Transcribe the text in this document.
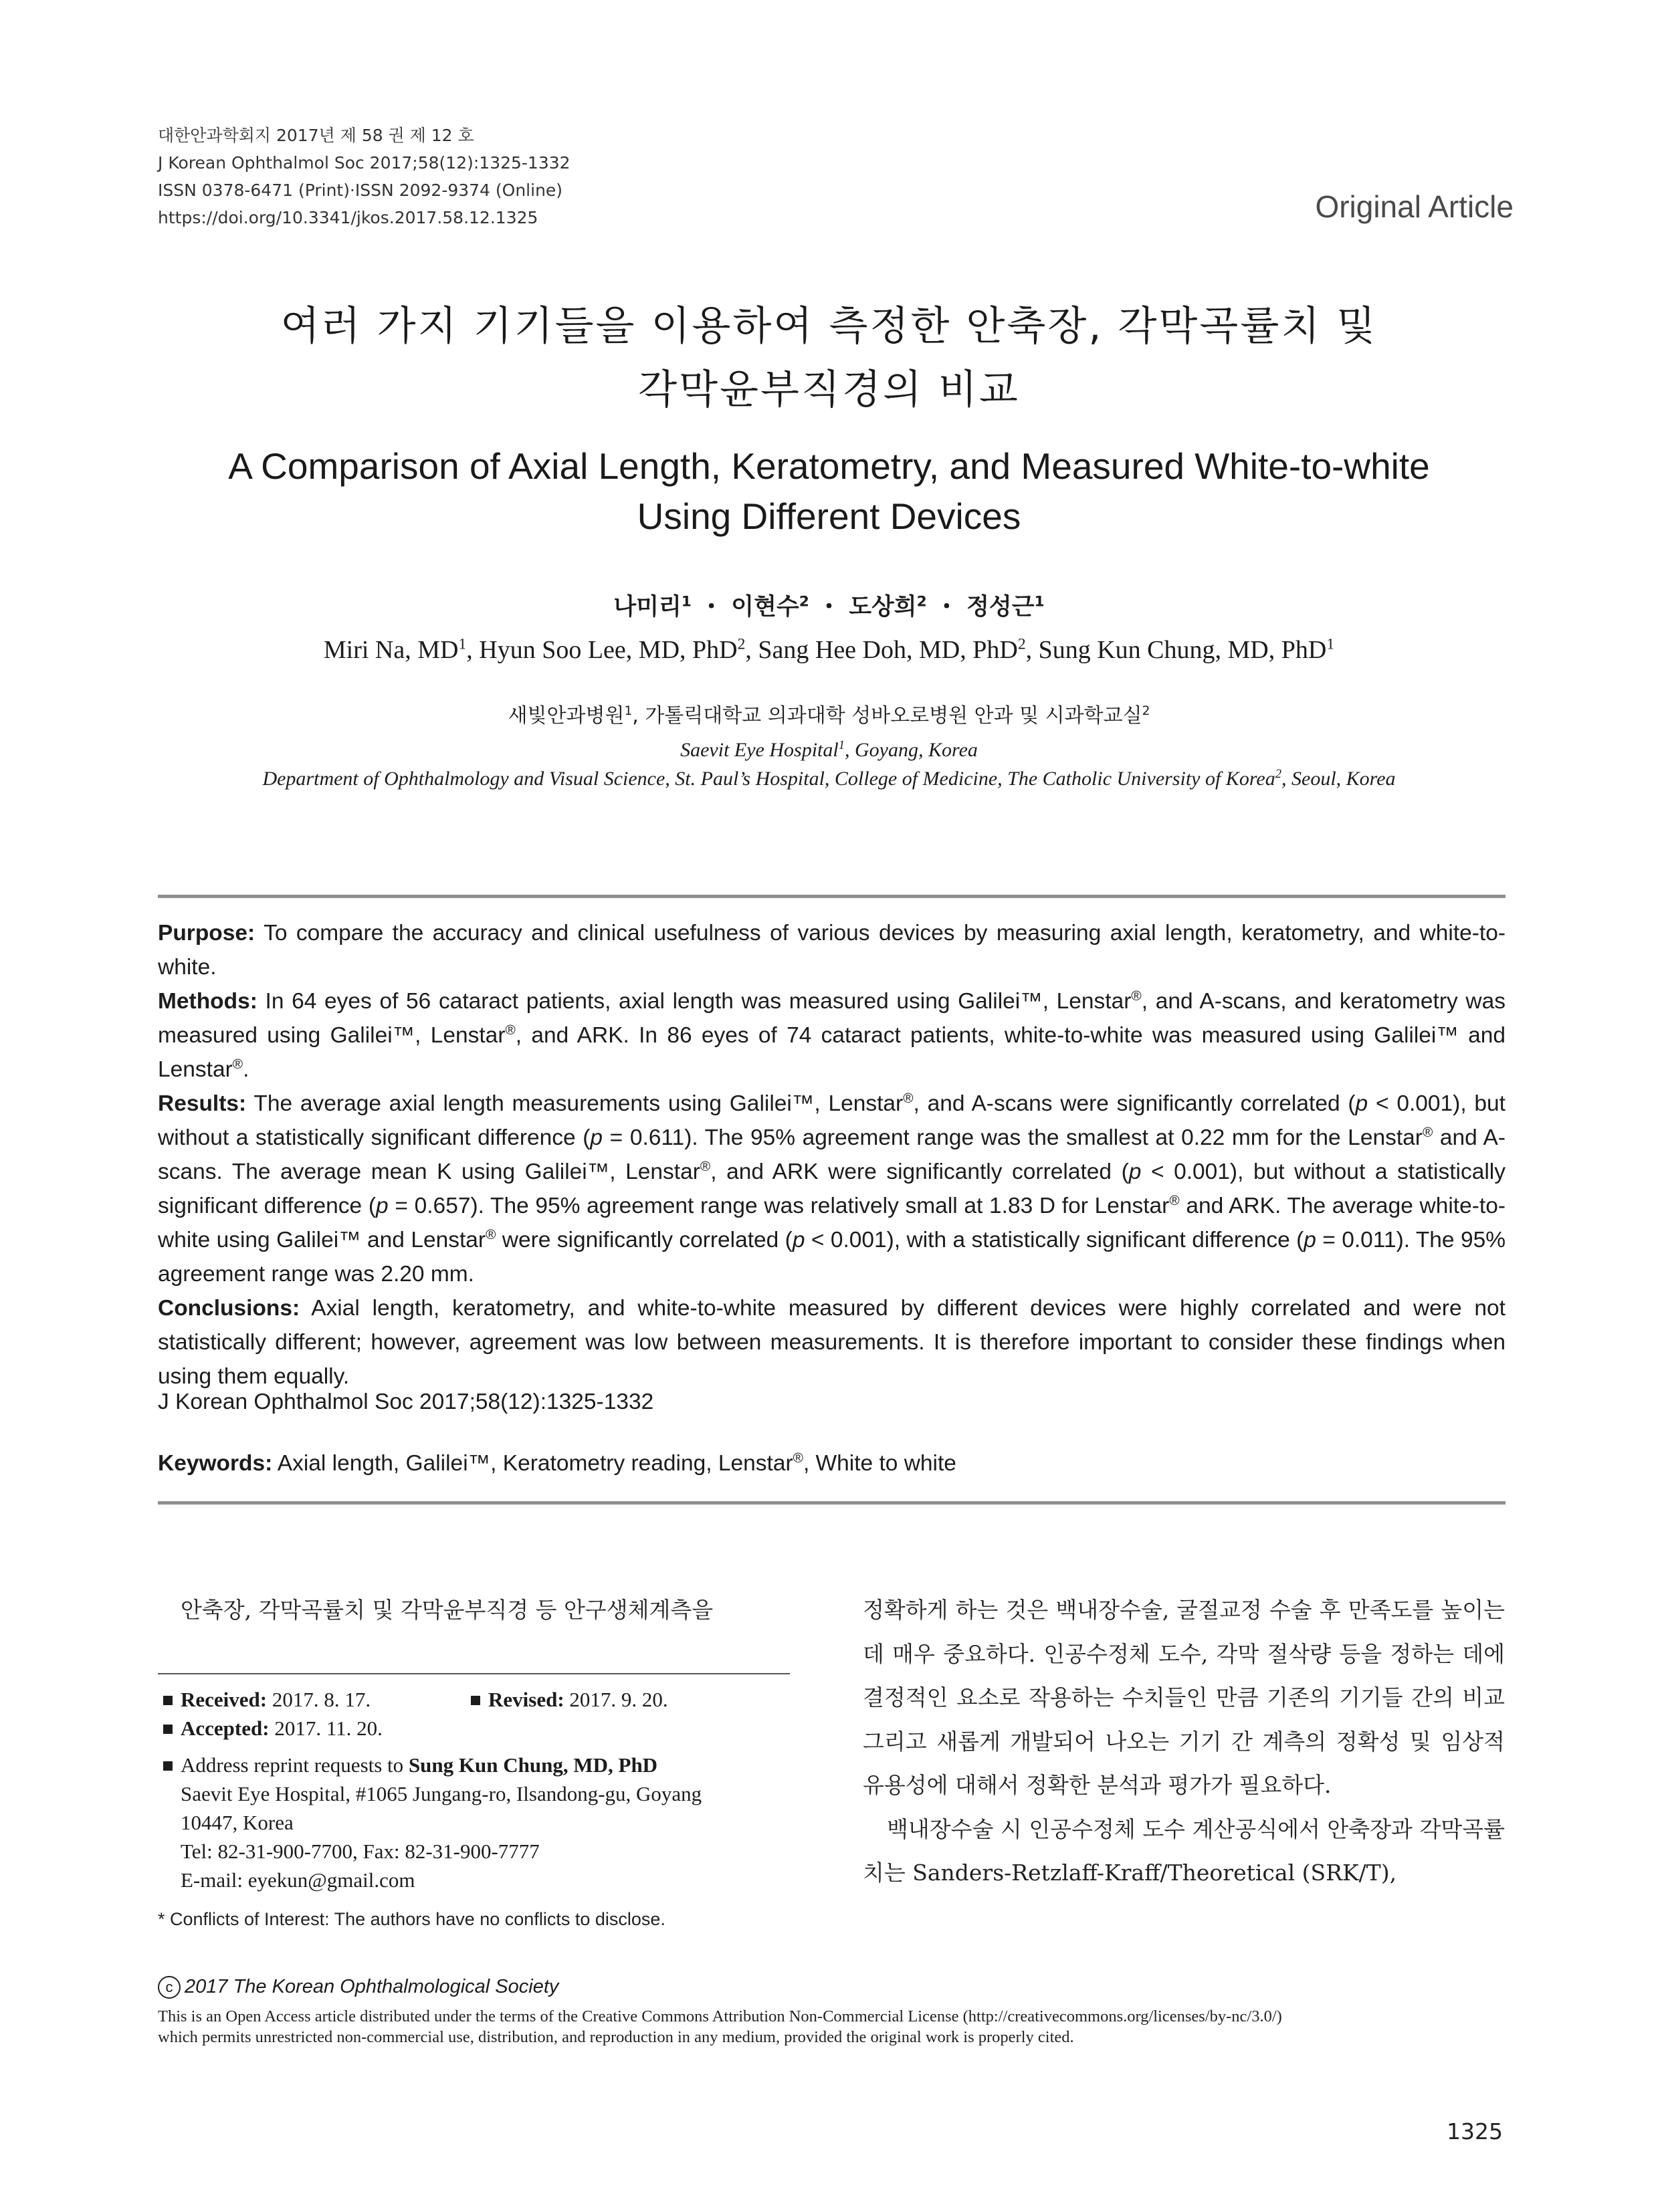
대한안과학회지 2017년 제 58 권 제 12 호
J Korean Ophthalmol Soc 2017;58(12):1325-1332
ISSN 0378-6471 (Print)⋅ISSN 2092-9374 (Online)
https://doi.org/10.3341/jkos.2017.58.12.1325	Original Article
여러 가지 기기들을 이용하여 측정한 안축장, 각막곡률치 및
각막윤부직경의 비교
A Comparison of Axial Length, Keratometry, and Measured White-to-white
Using Different Devices
나미리$^1$ ・ 이현수$^2$ ・ 도상희$^2$ ・ 정성근$^1$
Miri Na, $MD^1$, Hyun Soo Lee, MD, PhD$^2$, Sang Hee Doh, MD, PhD$^2$, Sung Kun Chung, MD, PhD$^1$
새빛안과병원$^1$, 가톨릭대학교 의과대학 성바오로병원 안과 및 시과학교실$^2$
Saevit Eye Hospital$^1$, Goyang, Korea
Department of Ophthalmology and Visual Science, St. Paul’s Hospital, College of Medicine, The Catholic University of Korea$^2$, Seoul, Korea

Purpose: To compare the accuracy and clinical usefulness of various devices by measuring axial length, keratometry, and white-to-white.

Methods: In 64 eyes of 56 cataract patients, axial length was measured using Galilei™, Lenstar®, and A-scans, and keratometry was measured using Galilei™, Lenstar®, and ARK. In 86 eyes of 74 cataract patients, white-to-white was measured using Galilei™ and Lenstar®.

Results: The average axial length measurements using Galilei™, Lenstar®, and A-scans were significantly correlated (p < 0.001), but without a statistically significant difference (p = 0.611). The 95% agreement range was the smallest at 0.22 mm for the Lenstar® and A-scans. The average mean K using Galilei™, Lenstar®, and ARK were significantly correlated (p < 0.001), but without a statistically significant difference (p = 0.657). The 95% agreement range was relatively small at 1.83 D for Lenstar® and ARK. The average white-to-white using Galilei™ and Lenstar® were significantly correlated (p < 0.001), with a statistically significant difference (p = 0.011). The 95% agreement range was 2.20 mm.

Conclusions: Axial length, keratometry, and white-to-white measured by different devices were highly correlated and were not statistically different; however, agreement was low between measurements. It is therefore important to consider these findings when using them equally.

J Korean Ophthalmol Soc 2017;58(12):1325-1332
Keywords: Axial length, Galilei™, Keratometry reading, Lenstar®, White to white
안축장, 각막곡률치 및 각막윤부직경 등 안구생체계측을
Received: 2017. 8. 17.	Revised: 2017. 9. 20.
Accepted: 2017. 11. 20.
Address reprint requests to Sung Kun Chung, MD, PhD
Saevit Eye Hospital, #1065 Jungang-ro, Ilsandong-gu, Goyang
10447, Korea
Tel: 82-31-900-7700, Fax: 82-31-900-7777
E-mail: eyekun@gmail.com
* Conflicts of Interest: The authors have no conflicts to disclose.

정확하게 하는 것은 백내장수술, 굴절교정 수술 후 만족도를 높이는 데 매우 중요하다. 인공수정체 도수, 각막 절삭량 등을 정하는 데에 결정적인 요소로 작용하는 수치들인 만큼 기존의 기기들 간의 비교 그리고 새롭게 개발되어 나오는 기기 간 계측의 정확성 및 임상적 유용성에 대해서 정확한 분석과 평가가 필요하다.

백내장수술 시 인공수정체 도수 계산공식에서 안축장과 각막곡률치는 Sanders-Retzlaff-Kraff/Theoretical (SRK/T),

c 2017 The Korean Ophthalmological Society
This is an Open Access article distributed under the terms of the Creative Commons Attribution Non-Commercial License (http://creativecommons.org/licenses/by-nc/3.0/)
which permits unrestricted non-commercial use, distribution, and reproduction in any medium, provided the original work is properly cited.
1325
